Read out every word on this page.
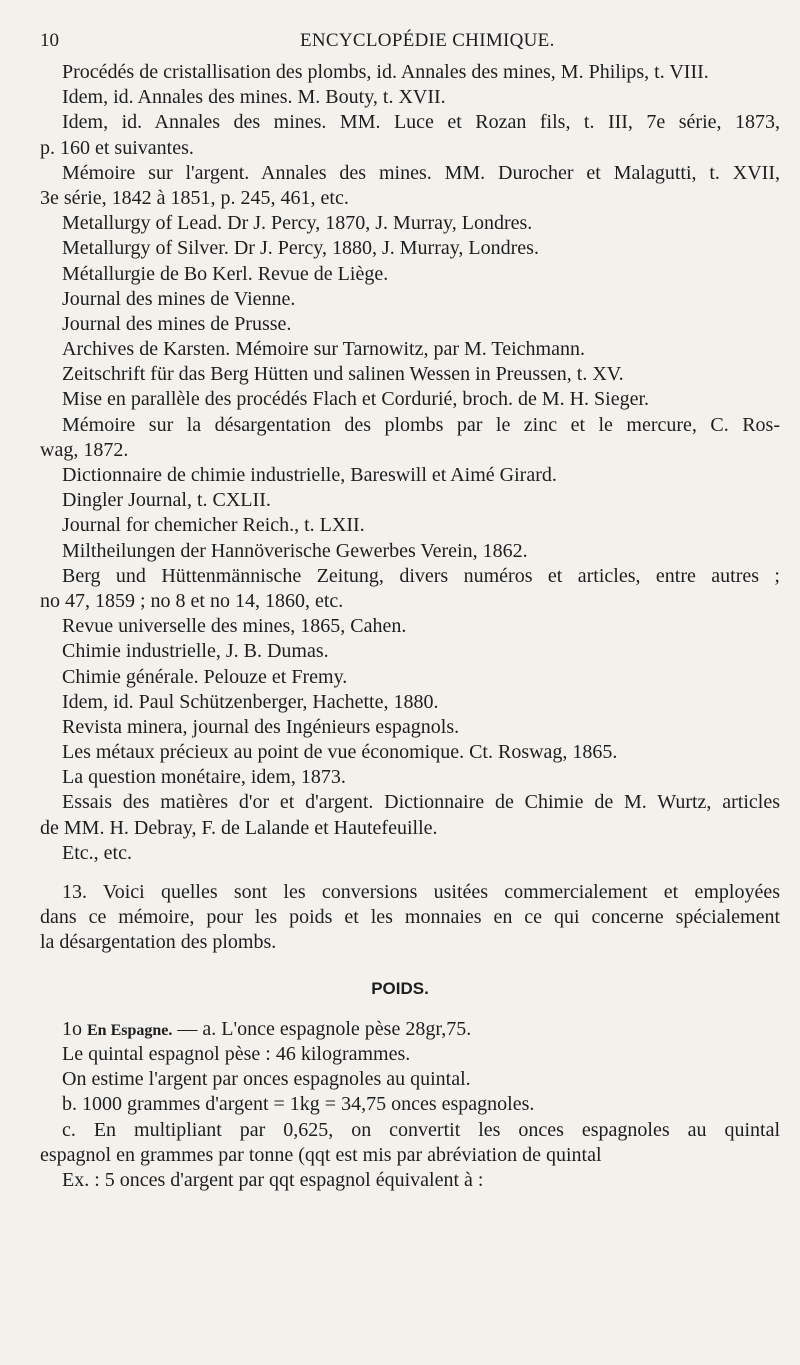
10	ENCYCLOPÉDIE CHIMIQUE.
Procédés de cristallisation des plombs, id. Annales des mines, M. Philips, t. VIII.
Idem, id. Annales des mines. M. Bouty, t. XVII.
Idem, id. Annales des mines. MM. Luce et Rozan fils, t. III, 7e série, 1873,
p. 160 et suivantes.
Mémoire sur l'argent. Annales des mines. MM. Durocher et Malagutti, t. XVII,
3e série, 1842 à 1851, p. 245, 461, etc.
Metallurgy of Lead. Dr J. Percy, 1870, J. Murray, Londres.
Metallurgy of Silver. Dr J. Percy, 1880, J. Murray, Londres.
Métallurgie de Bo Kerl. Revue de Liège.
Journal des mines de Vienne.
Journal des mines de Prusse.
Archives de Karsten. Mémoire sur Tarnowitz, par M. Teichmann.
Zeitschrift für das Berg Hütten und salinen Wessen in Preussen, t. XV.
Mise en parallèle des procédés Flach et Cordurié, broch. de M. H. Sieger.
Mémoire sur la désargentation des plombs par le zinc et le mercure, C. Ros-
wag, 1872.
Dictionnaire de chimie industrielle, Bareswill et Aimé Girard.
Dingler Journal, t. CXLII.
Journal for chemicher Reich., t. LXII.
Miltheilungen der Hannöverische Gewerbes Verein, 1862.
Berg und Hüttenmännische Zeitung, divers numéros et articles, entre autres ;
no 47, 1859 ; no 8 et no 14, 1860, etc.
Revue universelle des mines, 1865, Cahen.
Chimie industrielle, J. B. Dumas.
Chimie générale. Pelouze et Fremy.
Idem, id. Paul Schützenberger, Hachette, 1880.
Revista minera, journal des Ingénieurs espagnols.
Les métaux précieux au point de vue économique. Ct. Roswag, 1865.
La question monétaire, idem, 1873.
Essais des matières d'or et d'argent. Dictionnaire de Chimie de M. Wurtz, articles
de MM. H. Debray, F. de Lalande et Hautefeuille.
Etc., etc.
13. Voici quelles sont les conversions usitées commercialement et employées
dans ce mémoire, pour les poids et les monnaies en ce qui concerne spécialement
la désargentation des plombs.
POIDS.
1o En Espagne. — a. L'once espagnole pèse 28gr,75.
Le quintal espagnol pèse : 46 kilogrammes.
On estime l'argent par onces espagnoles au quintal.
b. 1000 grammes d'argent = 1kg = 34,75 onces espagnoles.
c. En multipliant par 0,625, on convertit les onces espagnoles au quintal
espagnol en grammes par tonne (qqt est mis par abréviation de quintal
Ex. : 5 onces d'argent par qqt espagnol équivalent à :
